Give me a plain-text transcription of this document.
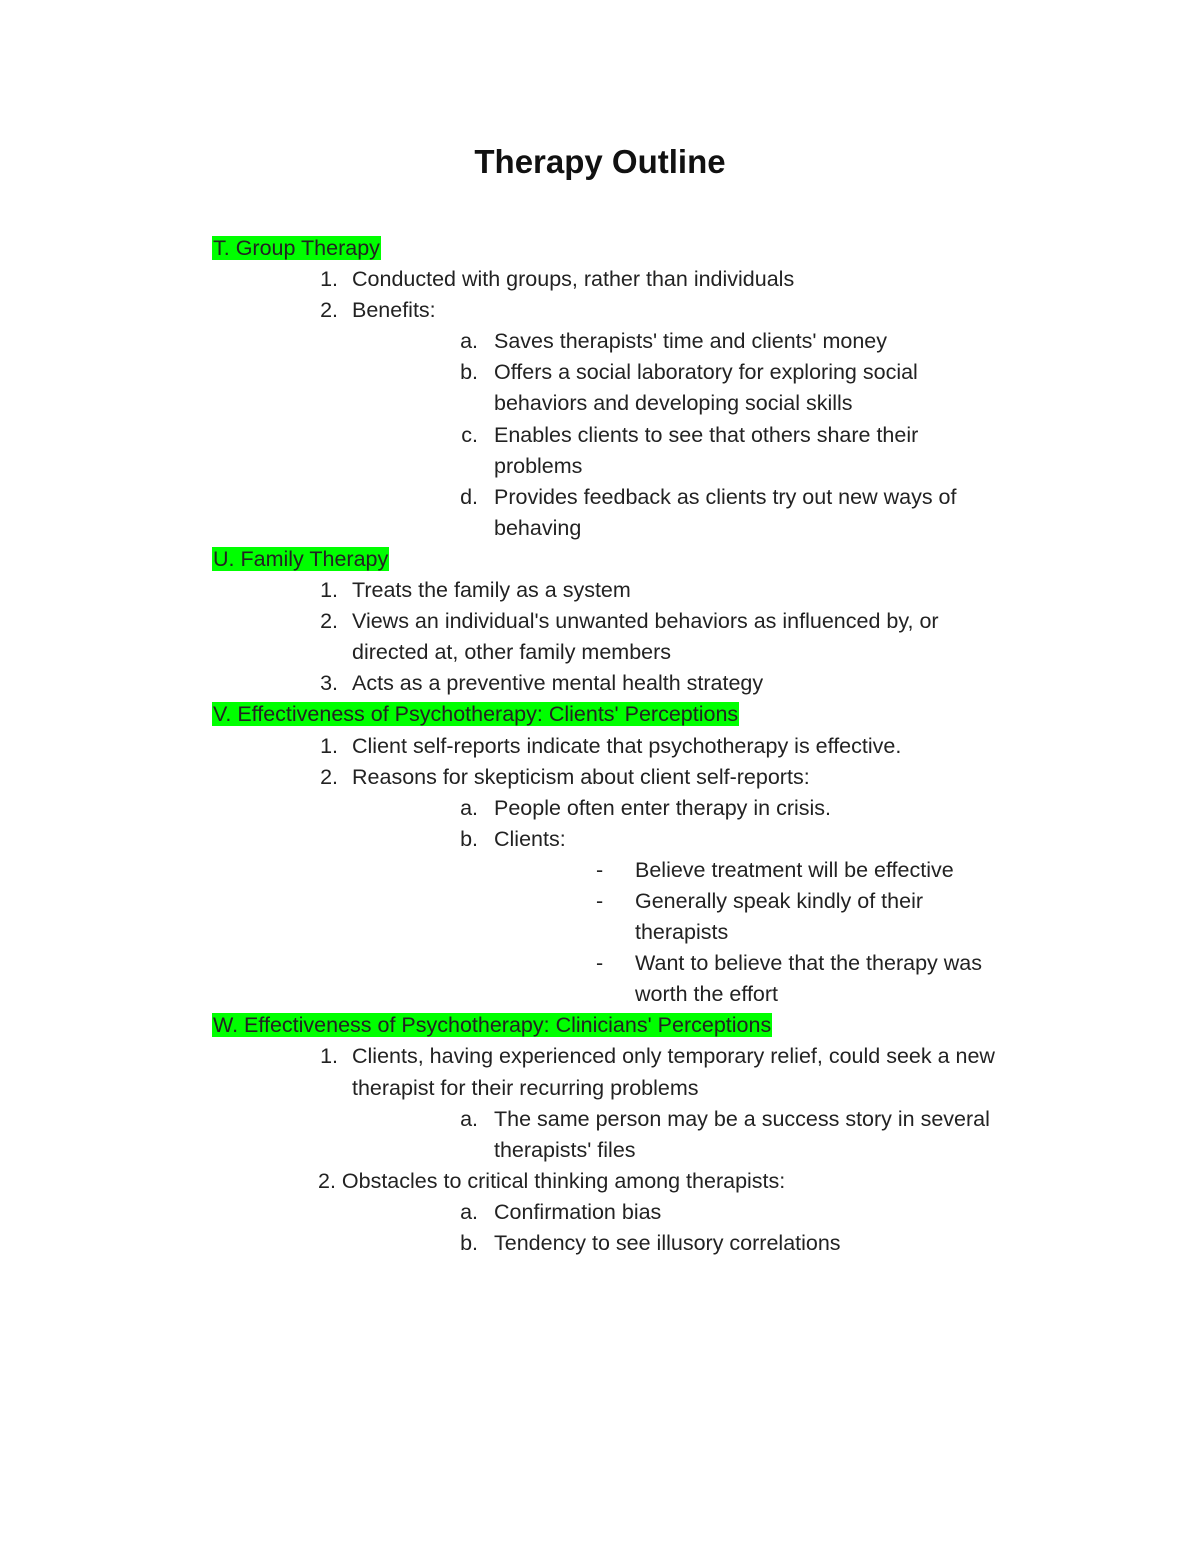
Therapy Outline
T. Group Therapy
1. Conducted with groups, rather than individuals
2. Benefits:
a. Saves therapists' time and clients' money
b. Offers a social laboratory for exploring social
behaviors and developing social skills
c. Enables clients to see that others share their
problems
d. Provides feedback as clients try out new ways of
behaving
U. Family Therapy
1. Treats the family as a system
2. Views an individual's unwanted behaviors as influenced by, or
directed at, other family members
3. Acts as a preventive mental health strategy
V. Effectiveness of Psychotherapy: Clients' Perceptions
1. Client self-reports indicate that psychotherapy is effective.
2. Reasons for skepticism about client self-reports:
a. People often enter therapy in crisis.
b. Clients:
-	Believe treatment will be effective
-	Generally speak kindly of their
therapists
-	Want to believe that the therapy was
worth the effort
W. Effectiveness of Psychotherapy: Clinicians' Perceptions
1. Clients, having experienced only temporary relief, could seek a new
therapist for their recurring problems
a. The same person may be a success story in several
therapists' files
2. Obstacles to critical thinking among therapists:
a. Confirmation bias
b. Tendency to see illusory correlations
